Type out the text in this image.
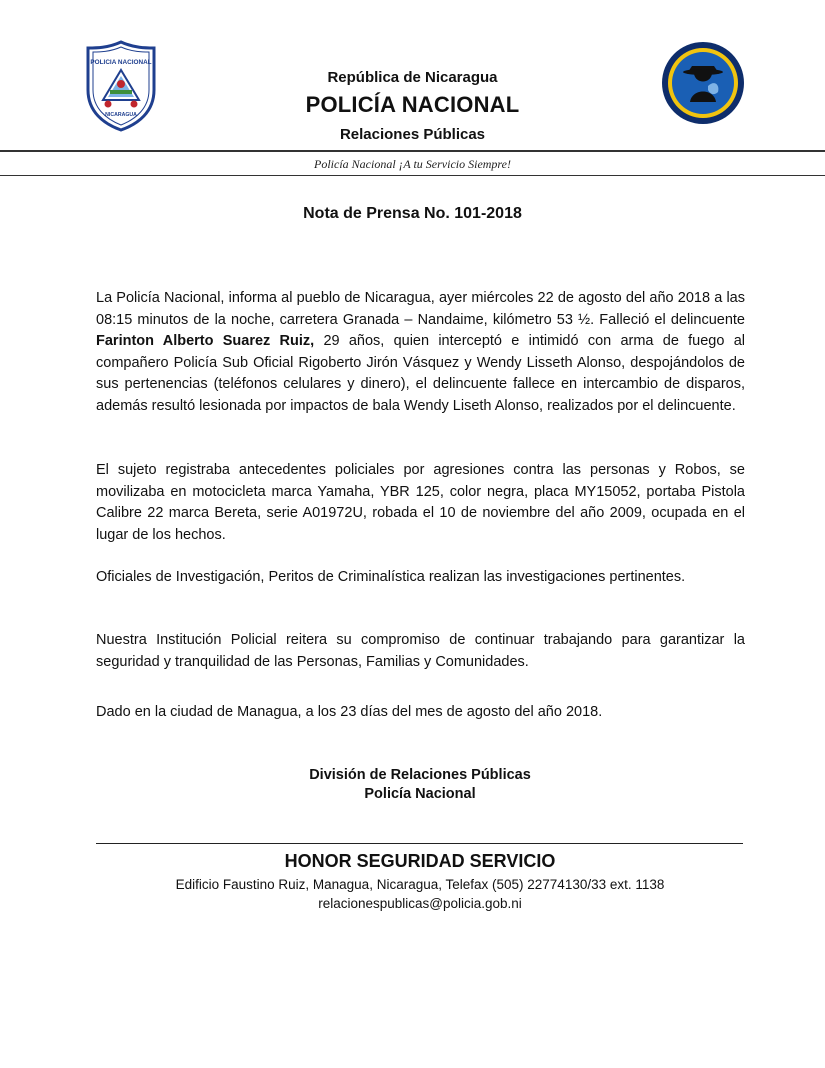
POLICIA NACIONAL
NICARAGUA
República de Nicaragua
POLICÍA NACIONAL
Relaciones Públicas
Policía Nacional ¡A tu Servicio Siempre!
Nota de Prensa No. 101-2018
La Policía Nacional, informa al pueblo de Nicaragua, ayer miércoles 22 de agosto del año 2018 a las 08:15 minutos de la noche, carretera Granada – Nandaime, kilómetro 53 ½. Falleció el delincuente Farinton Alberto Suarez Ruiz, 29 años, quien interceptó e intimidó con arma de fuego al compañero Policía Sub Oficial Rigoberto Jirón Vásquez y Wendy Lisseth Alonso, despojándolos de sus pertenencias (teléfonos celulares y dinero), el delincuente fallece en intercambio de disparos, además resultó lesionada por impactos de bala Wendy Liseth Alonso, realizados por el delincuente.
El sujeto registraba antecedentes policiales por agresiones contra las personas y Robos, se movilizaba en motocicleta marca Yamaha, YBR 125, color negra, placa MY15052, portaba Pistola Calibre 22 marca Bereta, serie A01972U, robada el 10 de noviembre del año 2009, ocupada en el lugar de los hechos.
Oficiales de Investigación, Peritos de Criminalística realizan las investigaciones pertinentes.
Nuestra Institución Policial reitera su compromiso de continuar trabajando para garantizar la seguridad y tranquilidad de las Personas, Familias y Comunidades.
Dado en la ciudad de Managua, a los 23 días del mes de agosto del año 2018.
División de Relaciones Públicas
Policía Nacional
HONOR SEGURIDAD SERVICIO
Edificio Faustino Ruiz, Managua, Nicaragua, Telefax (505) 22774130/33 ext. 1138
relacionespublicas@policia.gob.ni
